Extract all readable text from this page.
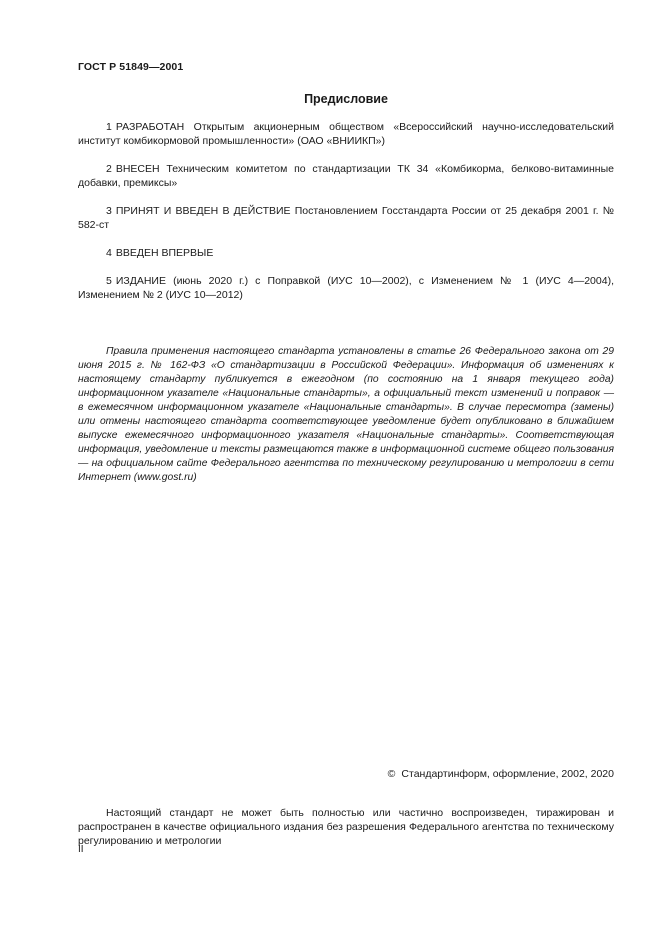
ГОСТ Р 51849—2001
Предисловие

1 РАЗРАБОТАН Открытым акционерным обществом «Всероссийский научно-исследовательский институт комбикормовой промышленности» (ОАО «ВНИИКП»)

2 ВНЕСЕН Техническим комитетом по стандартизации ТК 34 «Комбикорма, белково-витаминные добавки, премиксы»

3 ПРИНЯТ И ВВЕДЕН В ДЕЙСТВИЕ Постановлением Госстандарта России от 25 декабря 2001 г. № 582-ст

4 ВВЕДЕН ВПЕРВЫЕ

5 ИЗДАНИЕ (июнь 2020 г.) с Поправкой (ИУС 10—2002), с Изменением № 1 (ИУС 4—2004), Изменением № 2 (ИУС 10—2012)

Правила применения настоящего стандарта установлены в статье 26 Федерального закона от 29 июня 2015 г. № 162-ФЗ «О стандартизации в Российской Федерации». Информация об изменениях к настоящему стандарту публикуется в ежегодном (по состоянию на 1 января текущего года) информационном указателе «Национальные стандарты», а официальный текст изменений и поправок — в ежемесячном информационном указателе «Национальные стандарты». В случае пересмотра (замены) или отмены настоящего стандарта соответствующее уведомление будет опубликовано в ближайшем выпуске ежемесячного информационного указателя «Национальные стандарты». Соответствующая информация, уведомление и тексты размещаются также в информационной системе общего пользования — на официальном сайте Федерального агентства по техническому регулированию и метрологии в сети Интернет (www.gost.ru)

© Стандартинформ, оформление, 2002, 2020

Настоящий стандарт не может быть полностью или частично воспроизведен, тиражирован и распространен в качестве официального издания без разрешения Федерального агентства по техническому регулированию и метрологии

II
